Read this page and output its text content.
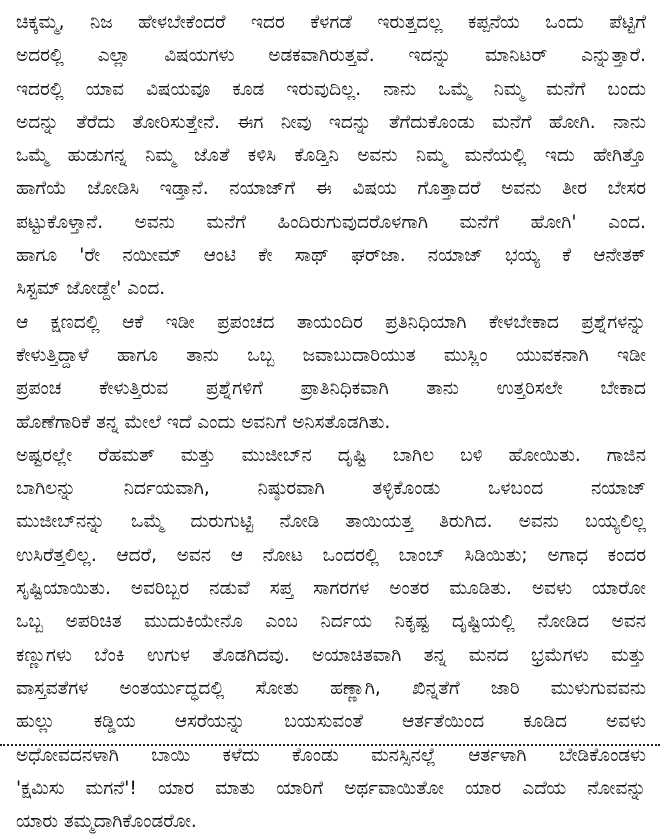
ಚಿಕ್ಕಮ್ಮ, ನಿಜ ಹೇಳಬೇಕೆಂದರೆ ಇದರ ಕೆಳಗಡೆ ಇರುತ್ತದಲ್ಲ ಕಪ್ಪನೆಯ ಒಂದು ಪೆಟ್ಟಿಗೆ
ಅದರಲ್ಲಿ ಎಲ್ಲಾ ವಿಷಯಗಳು ಅಡಕವಾಗಿರುತ್ತವೆ. ಇದನ್ನು ಮಾನಿಟರ್ ಎನ್ನುತ್ತಾರೆ.
ಇದರಲ್ಲಿ ಯಾವ ವಿಷಯವೂ ಕೂಡ ಇರುವುದಿಲ್ಲ. ನಾನು ಒಮ್ಮೆ ನಿಮ್ಮ ಮನೆಗೆ ಬಂದು
ಅದನ್ನು ತೆರೆದು ತೋರಿಸುತ್ತೇನೆ. ಈಗ ನೀವು ಇದನ್ನು ತೆಗೆದುಕೊಂಡು ಮನೆಗೆ ಹೋಗಿ. ನಾನು
ಒಮ್ಮೆ ಹುಡುಗನ್ನ ನಿಮ್ಮ ಜೊತೆ ಕಳಿಸಿ ಕೊಡ್ತಿನಿ ಅವನು ನಿಮ್ಮ ಮನೆಯಲ್ಲಿ ಇದು ಹೇಗಿತ್ತೊ
ಹಾಗೆಯೆ ಜೋಡಿಸಿ ಇಡ್ತಾನೆ. ನಯಾಜ್‌ಗೆ ಈ ವಿಷಯ ಗೊತ್ತಾದರೆ ಅವನು ತೀರ ಬೇಸರ
ಪಟ್ಟುಕೊಳ್ತಾನೆ. ಅವನು ಮನೆಗೆ ಹಿಂದಿರುಗುವುದರೊಳಗಾಗಿ ಮನೆಗೆ ಹೋಗಿ' ಎಂದ.
ಹಾಗೂ 'ರೇ ನಯೀಮ್ ಆಂಟಿ ಕೇ ಸಾಥ್ ಘರ್‌ಜಾ. ನಯಾಜ್ ಭಯ್ಯ ಕೆ ಆನೇತಕ್
ಸಿಸ್ಟಮ್ ಜೋಡ್ದೇ' ಎಂದ.
ಆ ಕ್ಷಣದಲ್ಲಿ ಆಕೆ ಇಡೀ ಪ್ರಪಂಚದ ತಾಯಂದಿರ ಪ್ರತಿನಿಧಿಯಾಗಿ ಕೇಳಬೇಕಾದ ಪ್ರಶ್ನೆಗಳನ್ನು
ಕೇಳುತ್ತಿದ್ದಾಳೆ ಹಾಗೂ ತಾನು ಒಬ್ಬ ಜವಾಬುದಾರಿಯುತ ಮುಸ್ಲಿಂ ಯುವಕನಾಗಿ ಇಡೀ
ಪ್ರಪಂಚ ಕೇಳುತ್ತಿರುವ ಪ್ರಶ್ನೆಗಳಿಗೆ ಪ್ರಾತಿನಿಧಿಕವಾಗಿ ತಾನು ಉತ್ತರಿಸಲೇ ಬೇಕಾದ
ಹೊಣೆಗಾರಿಕೆ ತನ್ನ ಮೇಲೆ ಇದೆ ಎಂದು ಅವನಿಗೆ ಅನಿಸತೊಡಗಿತು.
ಅಷ್ಟರಲ್ಲೇ ರೆಹಮತ್ ಮತ್ತು ಮುಜೀಬ್‌ನ ದೃಷ್ಟಿ ಬಾಗಿಲ ಬಳಿ ಹೋಯಿತು. ಗಾಜಿನ
ಬಾಗಿಲನ್ನು ನಿರ್ದಯವಾಗಿ, ನಿಷ್ಠುರವಾಗಿ ತಳ್ಳಿಕೊಂಡು ಒಳಬಂದ ನಯಾಜ್
ಮುಜೀಬ್‌ನನ್ನು ಒಮ್ಮೆ ದುರುಗುಟ್ಟಿ ನೋಡಿ ತಾಯಿಯತ್ತ ತಿರುಗಿದ. ಅವನು ಬಯ್ಯಲಿಲ್ಲ
ಉಸಿರೆತ್ತಲಿಲ್ಲ. ಆದರೆ, ಅವನ ಆ ನೋಟ ಒಂದರಲ್ಲಿ ಬಾಂಬ್ ಸಿಡಿಯಿತು; ಅಗಾಧ ಕಂದರ
ಸೃಷ್ಟಿಯಾಯಿತು. ಅವರಿಬ್ಬರ ನಡುವೆ ಸಪ್ತ ಸಾಗರಗಳ ಅಂತರ ಮೂಡಿತು. ಅವಳು ಯಾರೋ
ಒಬ್ಬ ಅಪರಿಚಿತ ಮುದುಕಿಯೇನೊ ಎಂಬ ನಿರ್ದಯ ನಿಕೃಷ್ಟ ದೃಷ್ಟಿಯಲ್ಲಿ ನೋಡಿದ ಅವನ
ಕಣ್ಣುಗಳು ಬೆಂಕಿ ಉಗುಳ ತೊಡಗಿದವು. ಅಯಾಚಿತವಾಗಿ ತನ್ನ ಮನದ ಭ್ರಮೆಗಳು ಮತ್ತು
ವಾಸ್ತವತೆಗಳ ಅಂತರ್ಯುದ್ಧದಲ್ಲಿ ಸೋತು ಹಣ್ಣಾಗಿ, ಖಿನ್ನತೆಗೆ ಜಾರಿ ಮುಳುಗುವವನು
ಹುಲ್ಲು ಕಡ್ಡಿಯ ಆಸರೆಯನ್ನು ಬಯಸುವಂತೆ ಆರ್ತತೆಯಿಂದ ಕೂಡಿದ ಅವಳು
ಅಧೋವದನಳಾಗಿ ಬಾಯಿ ಕಳೆದು ಕೊಂಡು ಮನಸ್ಸಿನಲ್ಲೆ ಆರ್ತಳಾಗಿ ಬೇಡಿಕೊಂಡಳು
'ಕ್ಷಮಿಸು ಮಗನೆ'! ಯಾರ ಮಾತು ಯಾರಿಗೆ ಅರ್ಥವಾಯಿತೋ ಯಾರ ಎದೆಯ ನೋವನ್ನು
ಯಾರು ತಮ್ಮದಾಗಿಕೊಂಡರೋ.
